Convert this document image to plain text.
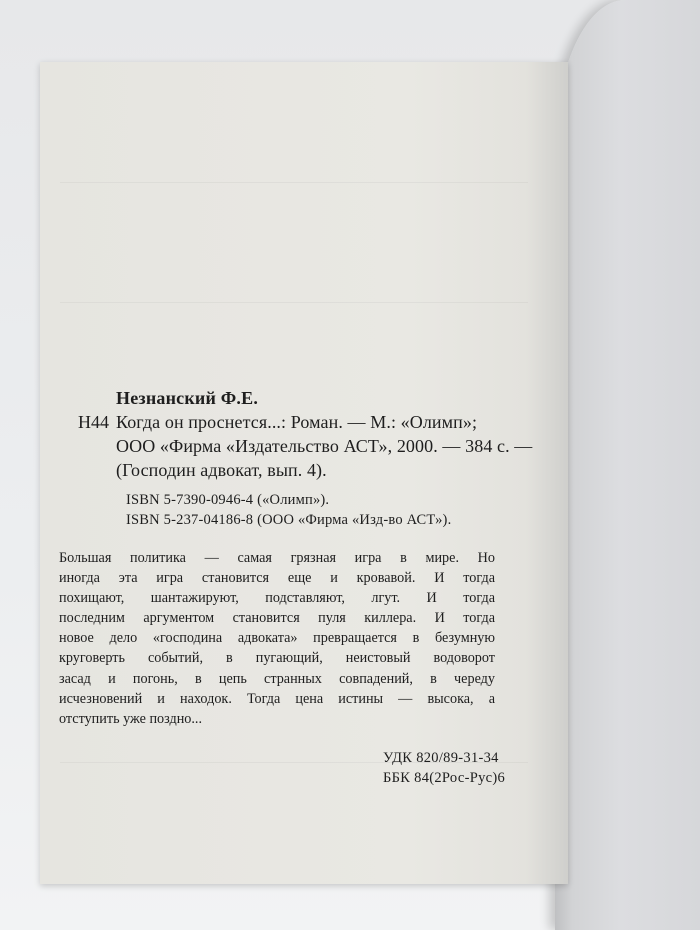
Незнанский Ф.Е.
Н44 Когда он проснется...: Роман. — М.: «Олимп»;
ООО «Фирма «Издательство АСТ», 2000. — 384 с. —
(Господин адвокат, вып. 4).
ISBN 5-7390-0946-4 («Олимп»).
ISBN 5-237-04186-8 (ООО «Фирма «Изд-во АСТ»).
Большая политика — самая грязная игра в мире. Но
иногда эта игра становится еще и кровавой. И тогда
похищают, шантажируют, подставляют, лгут. И тогда
последним аргументом становится пуля киллера. И тогда
новое дело «господина адвоката» превращается в безумную
круговерть событий, в пугающий, неистовый водоворот
засад и погонь, в цепь странных совпадений, в череду
исчезновений и находок. Тогда цена истины — высока, а
отступить уже поздно...
УДК 820/89-31-34
ББК 84(2Рос-Рус)6
